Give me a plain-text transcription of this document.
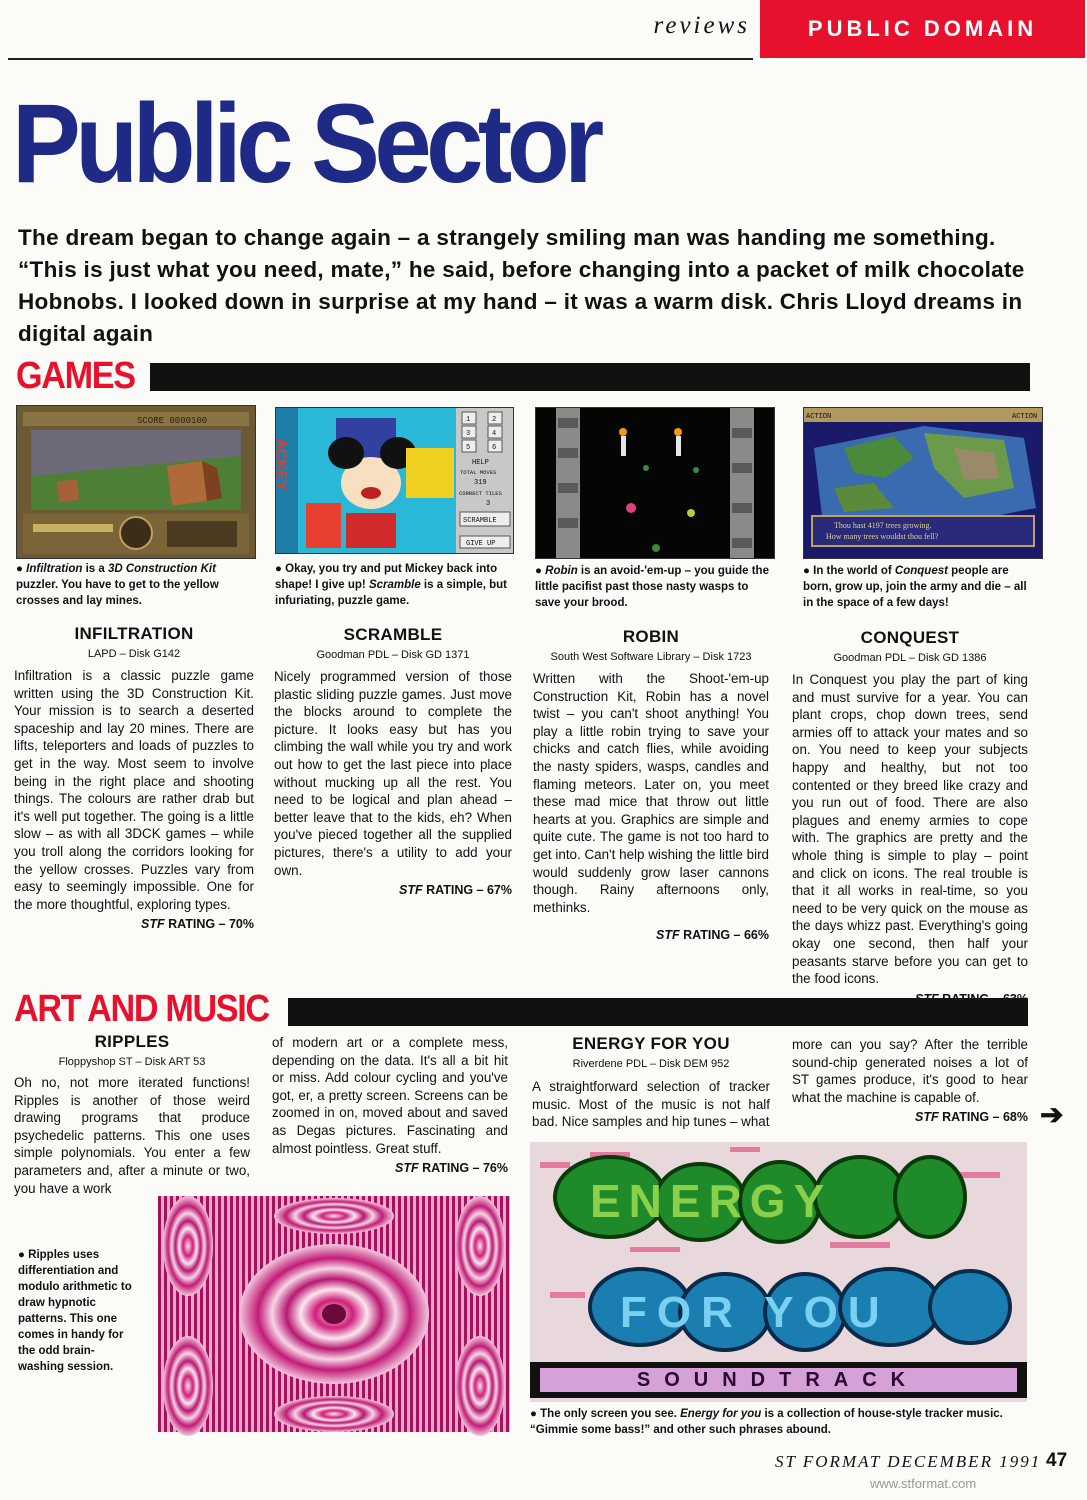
reviews	PUBLIC DOMAIN
Public Sector
The dream began to change again – a strangely smiling man was handing me something. “This is just what you need, mate,” he said, before changing into a packet of milk chocolate Hobnobs. I looked down in surprise at my hand – it was a warm disk. Chris Lloyd dreams in digital again
GAMES
SCORE 0000100
● Infiltration is a 3D Construction Kit puzzler. You have to get to the yellow crosses and lay mines.
ACKEY
1	2
3	4
5	6
HELP
TOTAL MOVES
319
CORRECT TILES
3
SCRAMBLE
GIVE UP
● Okay, you try and put Mickey back into shape! I give up! Scramble is a simple, but infuriating, puzzle game.
● Robin is an avoid-'em-up – you guide the little pacifist past those nasty wasps to save your brood.
ACTION	ACTION
Thou hast 4197 trees growing.
How many trees wouldst thou fell?
● In the world of Conquest people are born, grow up, join the army and die – all in the space of a few days!
INFILTRATION
LAPD – Disk G142
Infiltration is a classic puzzle game written using the 3D Construction Kit. Your mission is to search a deserted spaceship and lay 20 mines. There are lifts, teleporters and loads of puzzles to get in the way. Most seem to involve being in the right place and shooting things. The colours are rather drab but it's well put together. The going is a little slow – as with all 3DCK games – while you troll along the corridors looking for the yellow crosses. Puzzles vary from easy to seemingly impossible. One for the more thoughtful, exploring types.
STF RATING – 70%
SCRAMBLE
Goodman PDL – Disk GD 1371
Nicely programmed version of those plastic sliding puzzle games. Just move the blocks around to complete the picture. It looks easy but has you climbing the wall while you try and work out how to get the last piece into place without mucking up all the rest. You need to be logical and plan ahead – better leave that to the kids, eh? When you've pieced together all the supplied pictures, there's a utility to add your own.
STF RATING – 67%
ROBIN
South West Software Library – Disk 1723
Written with the Shoot-'em-up Construction Kit, Robin has a novel twist – you can't shoot anything! You play a little robin trying to save your chicks and catch flies, while avoiding the nasty spiders, wasps, candles and flaming meteors. Later on, you meet these mad mice that throw out little hearts at you. Graphics are simple and quite cute. The game is not too hard to get into. Can't help wishing the little bird would suddenly grow laser cannons though. Rainy afternoons only, methinks.
STF RATING – 66%
CONQUEST
Goodman PDL – Disk GD 1386
In Conquest you play the part of king and must survive for a year. You can plant crops, chop down trees, send armies off to attack your mates and so on. You need to keep your subjects happy and healthy, but not too contented or they breed like crazy and you run out of food. There are also plagues and enemy armies to cope with. The graphics are pretty and the whole thing is simple to play – point and click on icons. The real trouble is that it all works in real-time, so you need to be very quick on the mouse as the days whizz past. Everything's going okay one second, then half your peasants starve before you can get to the food icons.
ART AND MUSIC
RIPPLES
Floppyshop ST – Disk ART 53
Oh no, not more iterated functions! Ripples is another of those weird drawing programs that produce psychedelic patterns. This one uses simple polynomials. You enter a few parameters and, after a minute or two, you have a work
of modern art or a complete mess, depending on the data. It's all a bit hit or miss. Add colour cycling and you've got, er, a pretty screen. Screens can be zoomed in on, moved about and saved as Degas pictures. Fascinating and almost pointless. Great stuff.
STF RATING – 76%
● Ripples uses differentiation and modulo arithmetic to draw hypnotic patterns. This one comes in handy for the odd brain-washing session.
ENERGY FOR YOU
Riverdene PDL – Disk DEM 952
A straightforward selection of tracker music. Most of the music is not half bad. Nice samples and hip tunes – what
more can you say? After the terrible sound-chip generated noises a lot of ST games produce, it's good to hear what the machine is capable of.
STF RATING – 68% ➔
ENERGY
FOR YOU
SOUNDTRACK
● The only screen you see. Energy for you is a collection of house-style tracker music. “Gimmie some bass!” and other such phrases abound.
ST FORMAT DECEMBER 1991 47
www.stformat.com
